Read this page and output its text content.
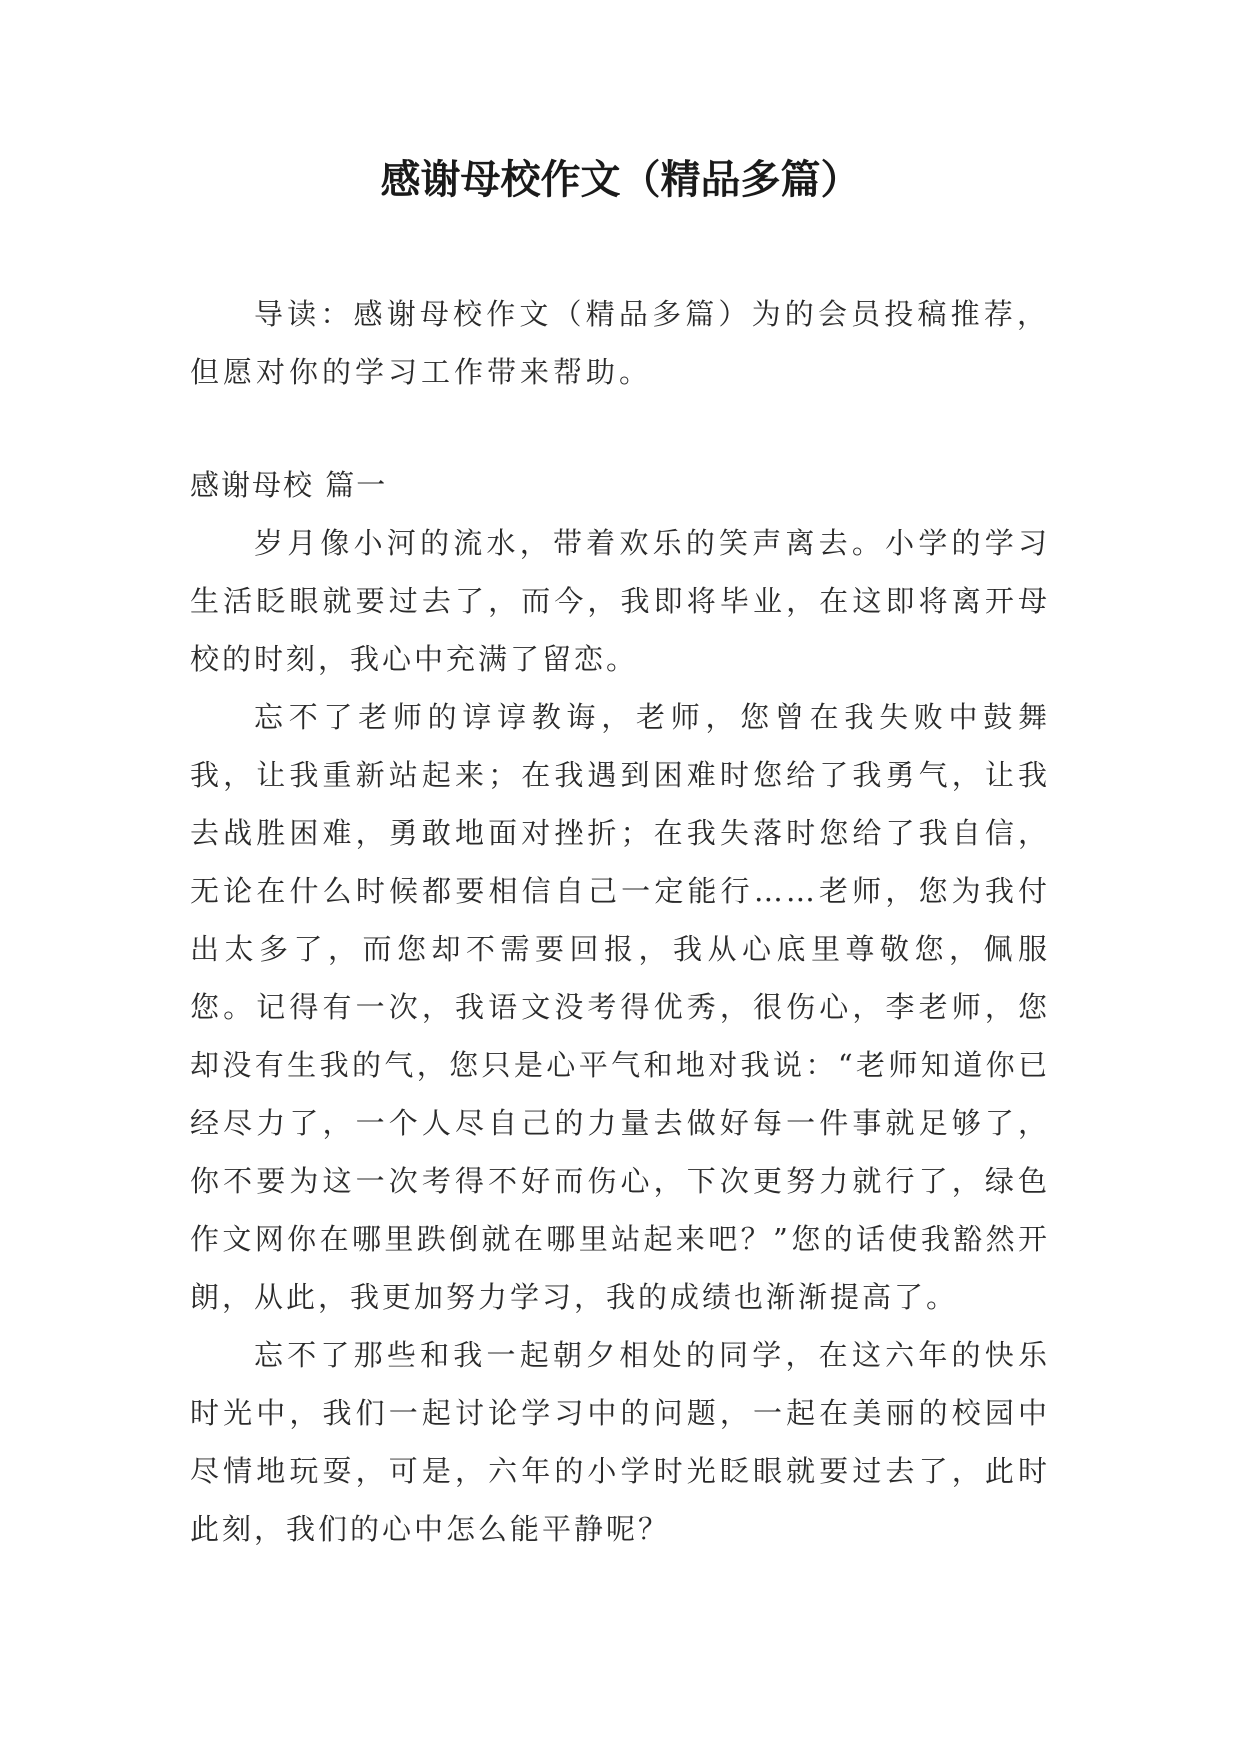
感谢母校作文（精品多篇）

导读：感谢母校作文（精品多篇）为的会员投稿推荐，但愿对你的学习工作带来帮助。

感谢母校 篇一

岁月像小河的流水，带着欢乐的笑声离去。小学的学习生活眨眼就要过去了，而今，我即将毕业，在这即将离开母校的时刻，我心中充满了留恋。

忘不了老师的谆谆教诲，老师，您曾在我失败中鼓舞我，让我重新站起来；在我遇到困难时您给了我勇气，让我去战胜困难，勇敢地面对挫折；在我失落时您给了我自信，无论在什么时候都要相信自己一定能行……老师，您为我付出太多了，而您却不需要回报，我从心底里尊敬您，佩服您。记得有一次，我语文没考得优秀，很伤心，李老师，您却没有生我的气，您只是心平气和地对我说：“老师知道你已经尽力了，一个人尽自己的力量去做好每一件事就足够了，你不要为这一次考得不好而伤心，下次更努力就行了，绿色作文网你在哪里跌倒就在哪里站起来吧？”您的话使我豁然开朗，从此，我更加努力学习，我的成绩也渐渐提高了。

忘不了那些和我一起朝夕相处的同学，在这六年的快乐时光中，我们一起讨论学习中的问题，一起在美丽的校园中尽情地玩耍，可是，六年的小学时光眨眼就要过去了，此时此刻，我们的心中怎么能平静呢？
